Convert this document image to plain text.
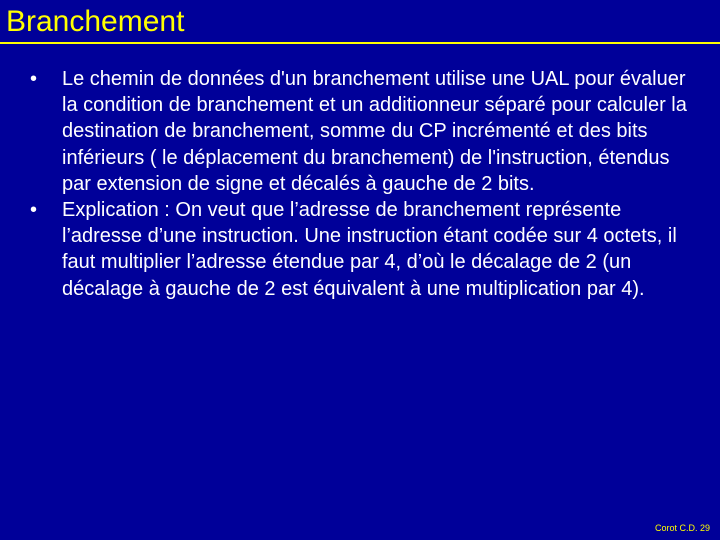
Branchement
• Le chemin de données d'un branchement utilise une UAL pour évaluer la condition de branchement et un additionneur séparé pour calculer la destination de branchement, somme du CP incrémenté et des bits inférieurs ( le déplacement du branchement) de l'instruction, étendus par extension de signe et décalés à gauche de 2 bits.
• Explication : On veut que l’adresse de branchement représente l’adresse d’une instruction. Une instruction étant codée sur 4 octets, il faut multiplier l’adresse étendue par 4, d’où le décalage de 2 (un décalage à gauche de 2 est équivalent à une multiplication par 4).
Corot C.D. 29
